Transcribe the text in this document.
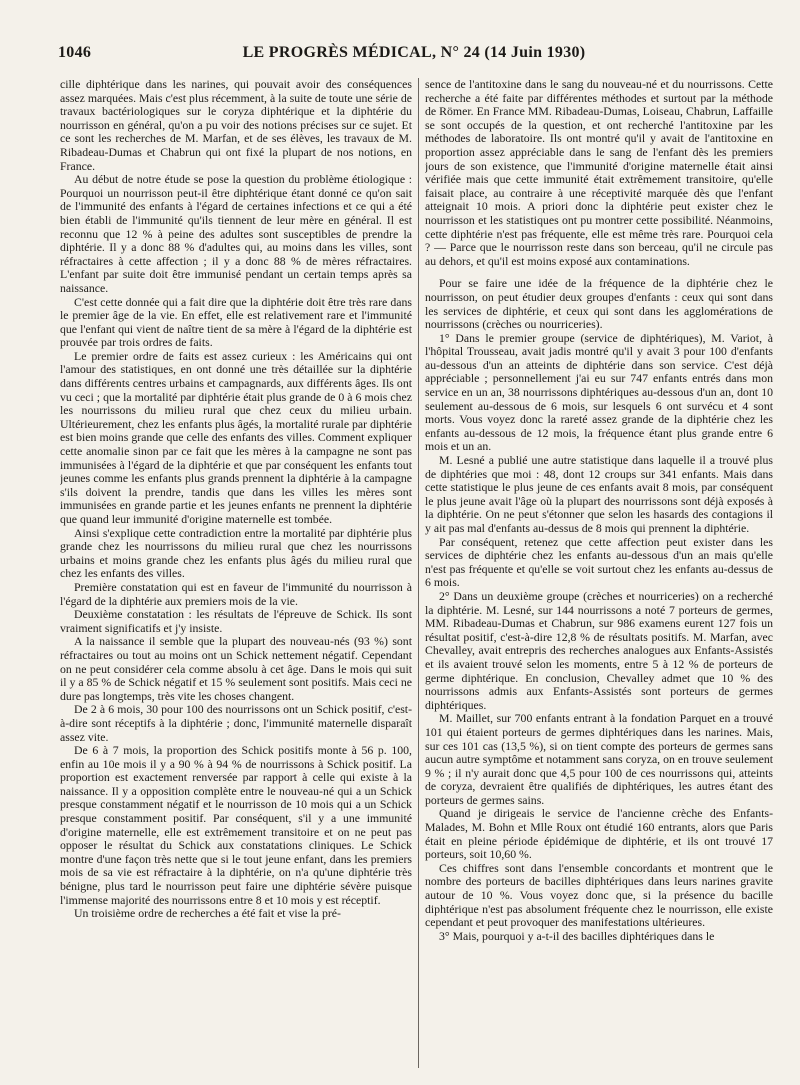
1046	LE PROGRÈS MÉDICAL, N° 24 (14 Juin 1930)

cille diphtérique dans les narines, qui pouvait avoir des conséquences assez marquées. Mais c'est plus récemment, à la suite de toute une série de travaux bactériologiques sur le coryza diphtérique et la diphtérie du nourrisson en général, qu'on a pu voir des notions précises sur ce sujet. Et ce sont les recherches de M. Marfan, et de ses élèves, les travaux de M. Ribadeau-Dumas et Chabrun qui ont fixé la plupart de nos notions, en France.

Au début de notre étude se pose la question du problème étiologique : Pourquoi un nourrisson peut-il être diphtérique étant donné ce qu'on sait de l'immunité des enfants à l'égard de certaines infections et ce qui a été bien établi de l'immunité qu'ils tiennent de leur mère en général. Il est reconnu que 12 % à peine des adultes sont susceptibles de prendre la diphtérie. Il y a donc 88 % d'adultes qui, au moins dans les villes, sont réfractaires à cette affection ; il y a donc 88 % de mères réfractaires. L'enfant par suite doit être immunisé pendant un certain temps après sa naissance.

C'est cette donnée qui a fait dire que la diphtérie doit être très rare dans le premier âge de la vie. En effet, elle est relativement rare et l'immunité que l'enfant qui vient de naître tient de sa mère à l'égard de la diphtérie est prouvée par trois ordres de faits.

Le premier ordre de faits est assez curieux : les Américains qui ont l'amour des statistiques, en ont donné une très détaillée sur la diphtérie dans différents centres urbains et campagnards, aux différents âges. Ils ont vu ceci ; que la mortalité par diphtérie était plus grande de 0 à 6 mois chez les nourrissons du milieu rural que chez ceux du milieu urbain. Ultérieurement, chez les enfants plus âgés, la mortalité rurale par diphtérie est bien moins grande que celle des enfants des villes. Comment expliquer cette anomalie sinon par ce fait que les mères à la campagne ne sont pas immunisées à l'égard de la diphtérie et que par conséquent les enfants tout jeunes comme les enfants plus grands prennent la diphtérie à la campagne s'ils doivent la prendre, tandis que dans les villes les mères sont immunisées en grande partie et les jeunes enfants ne prennent la diphtérie que quand leur immunité d'origine maternelle est tombée.

Ainsi s'explique cette contradiction entre la mortalité par diphtérie plus grande chez les nourrissons du milieu rural que chez les nourrissons urbains et moins grande chez les enfants plus âgés du milieu rural que chez les enfants des villes.

Première constatation qui est en faveur de l'immunité du nourrisson à l'égard de la diphtérie aux premiers mois de la vie.

Deuxième constatation : les résultats de l'épreuve de Schick. Ils sont vraiment significatifs et j'y insiste.

A la naissance il semble que la plupart des nouveau-nés (93 %) sont réfractaires ou tout au moins ont un Schick nettement négatif. Cependant on ne peut considérer cela comme absolu à cet âge. Dans le mois qui suit il y a 85 % de Schick négatif et 15 % seulement sont positifs. Mais ceci ne dure pas longtemps, très vite les choses changent.

De 2 à 6 mois, 30 pour 100 des nourrissons ont un Schick positif, c'est-à-dire sont réceptifs à la diphtérie ; donc, l'immunité maternelle disparaît assez vite.

De 6 à 7 mois, la proportion des Schick positifs monte à 56 p. 100, enfin au 10e mois il y a 90 % à 94 % de nourrissons à Schick positif. La proportion est exactement renversée par rapport à celle qui existe à la naissance. Il y a opposition complète entre le nouveau-né qui a un Schick presque constamment négatif et le nourrisson de 10 mois qui a un Schick presque constamment positif. Par conséquent, s'il y a une immunité d'origine maternelle, elle est extrêmement transitoire et on ne peut pas opposer le résultat du Schick aux constatations cliniques. Le Schick montre d'une façon très nette que si le tout jeune enfant, dans les premiers mois de sa vie est réfractaire à la diphtérie, on n'a qu'une diphtérie très bénigne, plus tard le nourrisson peut faire une diphtérie sévère puisque l'immense majorité des nourrissons entre 8 et 10 mois y est réceptif.

Un troisième ordre de recherches a été fait et vise la pré-

sence de l'antitoxine dans le sang du nouveau-né et du nourrissons. Cette recherche a été faite par différentes méthodes et surtout par la méthode de Römer. En France MM. Ribadeau-Dumas, Loiseau, Chabrun, Laffaille se sont occupés de la question, et ont recherché l'antitoxine par les méthodes de laboratoire. Ils ont montré qu'il y avait de l'antitoxine en proportion assez appréciable dans le sang de l'enfant dès les premiers jours de son existence, que l'immunité d'origine maternelle était ainsi vérifiée mais que cette immunité était extrêmement transitoire, qu'elle faisait place, au contraire à une réceptivité marquée dès que l'enfant atteignait 10 mois. A priori donc la diphtérie peut exister chez le nourrisson et les statistiques ont pu montrer cette possibilité. Néanmoins, cette diphtérie n'est pas fréquente, elle est même très rare. Pourquoi cela ? — Parce que le nourrisson reste dans son berceau, qu'il ne circule pas au dehors, et qu'il est moins exposé aux contaminations.

Pour se faire une idée de la fréquence de la diphtérie chez le nourrisson, on peut étudier deux groupes d'enfants : ceux qui sont dans les services de diphtérie, et ceux qui sont dans les agglomérations de nourrissons (crèches ou nourriceries).

1° Dans le premier groupe (service de diphtériques), M. Variot, à l'hôpital Trousseau, avait jadis montré qu'il y avait 3 pour 100 d'enfants au-dessous d'un an atteints de diphtérie dans son service. C'est déjà appréciable ; personnellement j'ai eu sur 747 enfants entrés dans mon service en un an, 38 nourrissons diphtériques au-dessous d'un an, dont 10 seulement au-dessous de 6 mois, sur lesquels 6 ont survécu et 4 sont morts. Vous voyez donc la rareté assez grande de la diphtérie chez les enfants au-dessous de 12 mois, la fréquence étant plus grande entre 6 mois et un an.

M. Lesné a publié une autre statistique dans laquelle il a trouvé plus de diphtéries que moi : 48, dont 12 croups sur 341 enfants. Mais dans cette statistique le plus jeune de ces enfants avait 8 mois, par conséquent le plus jeune avait l'âge où la plupart des nourrissons sont déjà exposés à la diphtérie. On ne peut s'étonner que selon les hasards des contagions il y ait pas mal d'enfants au-dessus de 8 mois qui prennent la diphtérie.

Par conséquent, retenez que cette affection peut exister dans les services de diphtérie chez les enfants au-dessous d'un an mais qu'elle n'est pas fréquente et qu'elle se voit surtout chez les enfants au-dessus de 6 mois.

2° Dans un deuxième groupe (crèches et nourriceries) on a recherché la diphtérie. M. Lesné, sur 144 nourrissons a noté 7 porteurs de germes, MM. Ribadeau-Dumas et Chabrun, sur 986 examens eurent 127 fois un résultat positif, c'est-à-dire 12,8 % de résultats positifs. M. Marfan, avec Chevalley, avait entrepris des recherches analogues aux Enfants-Assistés et ils avaient trouvé selon les moments, entre 5 à 12 % de porteurs de germe diphtérique. En conclusion, Chevalley admet que 10 % des nourrissons admis aux Enfants-Assistés sont porteurs de germes diphtériques.

M. Maillet, sur 700 enfants entrant à la fondation Parquet en a trouvé 101 qui étaient porteurs de germes diphtériques dans les narines. Mais, sur ces 101 cas (13,5 %), si on tient compte des porteurs de germes sans aucun autre symptôme et notamment sans coryza, on en trouve seulement 9 % ; il n'y aurait donc que 4,5 pour 100 de ces nourrissons qui, atteints de coryza, devraient être qualifiés de diphtériques, les autres étant des porteurs de germes sains.

Quand je dirigeais le service de l'ancienne crèche des Enfants-Malades, M. Bohn et Mlle Roux ont étudié 160 entrants, alors que Paris était en pleine période épidémique de diphtérie, et ils ont trouvé 17 porteurs, soit 10,60 %.

Ces chiffres sont dans l'ensemble concordants et montrent que le nombre des porteurs de bacilles diphtériques dans leurs narines gravite autour de 10 %. Vous voyez donc que, si la présence du bacille diphtérique n'est pas absolument fréquente chez le nourrisson, elle existe cependant et peut provoquer des manifestations ultérieures.

3° Mais, pourquoi y a-t-il des bacilles diphtériques dans le
